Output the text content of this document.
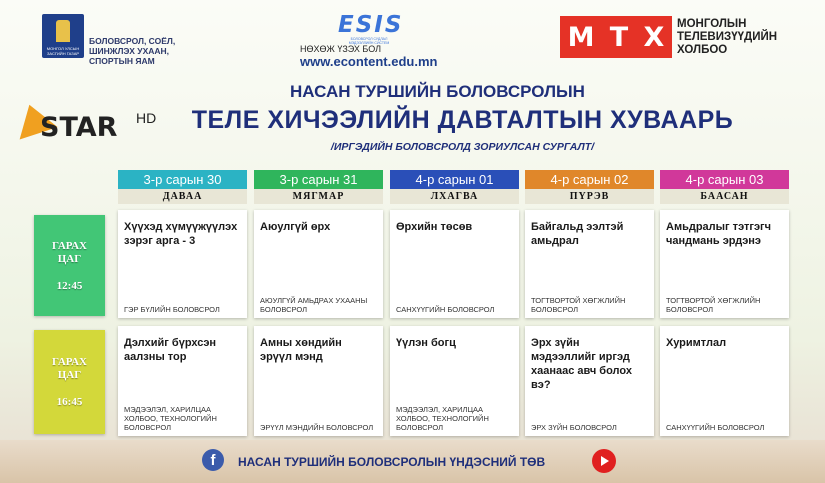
МОНГОЛ УЛСЫН ЗАСГИЙН ГАЗАР
БОЛОВСРОЛ, СОЁЛ, ШИНЖЛЭХ УХААН, СПОРТЫН ЯАМ
ESIS
БОЛОВСРОЛ СУДЛАЛ МЭДЭЭЛЛИЙН СИСТЕМ
НӨХӨЖ ҮЗЭХ БОЛ
www.econtent.edu.mn
М Т Х МОНГОЛЫН ТЕЛЕВИЗҮҮДИЙН ХОЛБОО
STAR HD
НАСАН ТУРШИЙН БОЛОВСРОЛЫН
ТЕЛЕ ХИЧЭЭЛИЙН ДАВТАЛТЫН ХУВААРЬ
/ИРГЭДИЙН БОЛОВСРОЛД ЗОРИУЛСАН СУРГАЛТ/
3-р сарын 30
ДАВАА
3-р сарын 31
МЯГМАР
4-р сарын 01
ЛХАГВА
4-р сарын 02
ПҮРЭВ
4-р сарын 03
БААСАН
ГАРАХ ЦАГ
12:45
Хүүхэд хүмүүжүүлэх зэрэг арга - 3
ГЭР БҮЛИЙН БОЛОВСРОЛ
Аюулгүй өрх
АЮУЛГҮЙ АМЬДРАХ УХААНЫ БОЛОВСРОЛ
Өрхийн төсөв
САНХҮҮГИЙН БОЛОВСРОЛ
Байгальд ээлтэй амьдрал
ТОГТВОРТОЙ ХӨГЖЛИЙН БОЛОВСРОЛ
Амьдралыг тэтгэгч чандмань эрдэнэ
ТОГТВОРТОЙ ХӨГЖЛИЙН БОЛОВСРОЛ
ГАРАХ ЦАГ
16:45
Дэлхийг бүрхсэн аалзны тор
МЭДЭЭЛЭЛ, ХАРИЛЦАА ХОЛБОО, ТЕХНОЛОГИЙН БОЛОВСРОЛ
Амны хөндийн эрүүл мэнд
ЭРҮҮЛ МЭНДИЙН БОЛОВСРОЛ
Үүлэн богц
МЭДЭЭЛЭЛ, ХАРИЛЦАА ХОЛБОО, ТЕХНОЛОГИЙН БОЛОВСРОЛ
Эрх зүйн мэдээллийг иргэд хаанаас авч болох вэ?
ЭРХ ЗҮЙН БОЛОВСРОЛ
Хуримтлал
САНХҮҮГИЙН БОЛОВСРОЛ
f	НАСАН ТУРШИЙН БОЛОВСРОЛЫН ҮНДЭСНИЙ ТӨВ
